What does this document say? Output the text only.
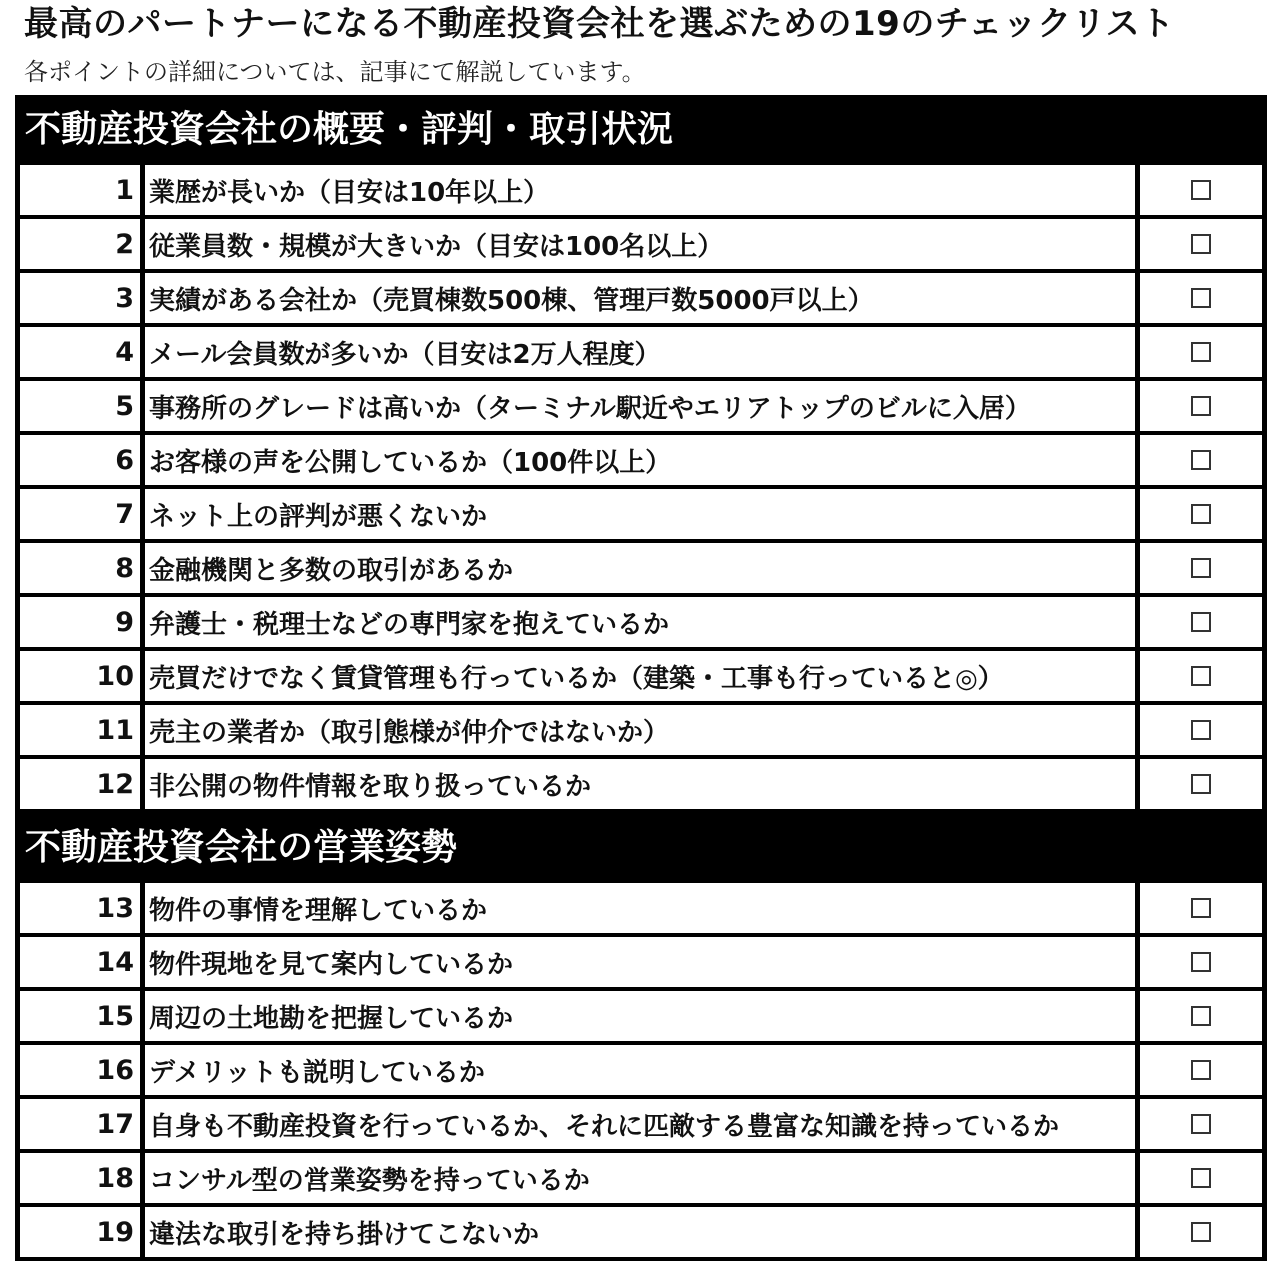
最高のパートナーになる不動産投資会社を選ぶための19のチェックリスト
各ポイントの詳細については、記事にて解説しています。
不動産投資会社の概要・評判・取引状況
1 業歴が長いか（目安は10年以上）
2 従業員数・規模が大きいか（目安は100名以上）
3 実績がある会社か（売買棟数500棟、管理戸数5000戸以上）
4 メール会員数が多いか（目安は2万人程度）
5 事務所のグレードは高いか（ターミナル駅近やエリアトップのビルに入居）
6 お客様の声を公開しているか（100件以上）
7 ネット上の評判が悪くないか
8 金融機関と多数の取引があるか
9 弁護士・税理士などの専門家を抱えているか
10 売買だけでなく賃貸管理も行っているか（建築・工事も行っていると◎）
11 売主の業者か（取引態様が仲介ではないか）
12 非公開の物件情報を取り扱っているか
不動産投資会社の営業姿勢
13 物件の事情を理解しているか
14 物件現地を見て案内しているか
15 周辺の土地勘を把握しているか
16 デメリットも説明しているか
17 自身も不動産投資を行っているか、それに匹敵する豊富な知識を持っているか
18 コンサル型の営業姿勢を持っているか
19 違法な取引を持ち掛けてこないか
